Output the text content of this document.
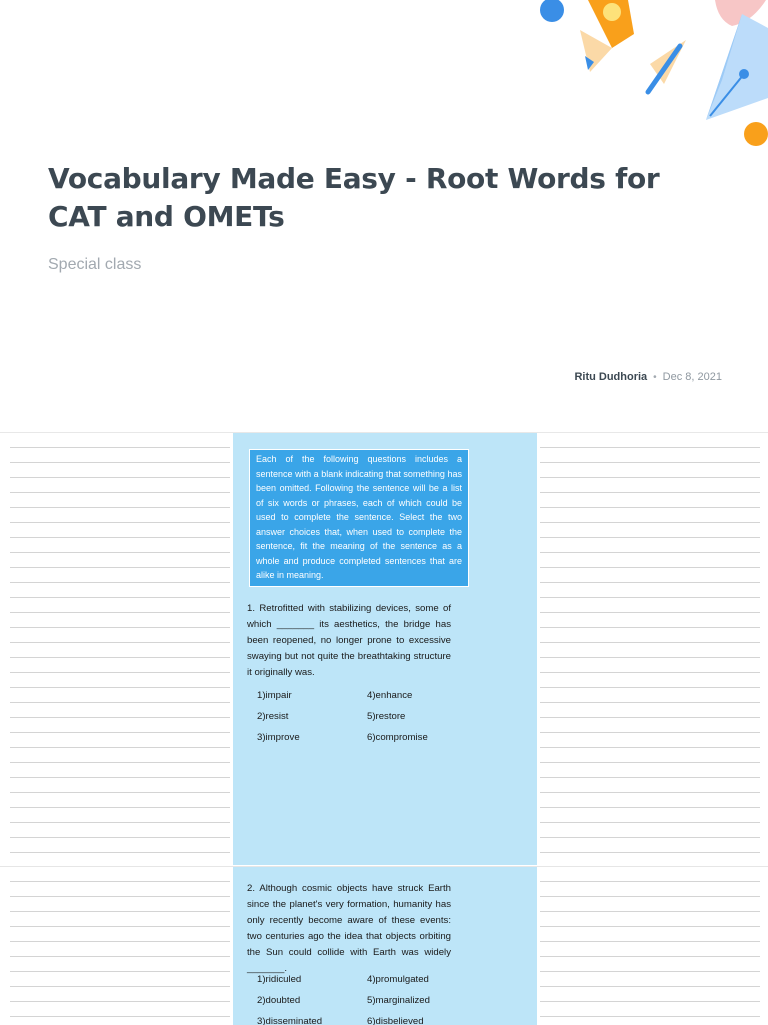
Vocabulary Made Easy - Root Words for CAT and OMETs
Special class
Ritu Dudhoria • Dec 8, 2021
Each of the following questions includes a sentence with a blank indicating that something has been omitted. Following the sentence will be a list of six words or phrases, each of which could be used to complete the sentence. Select the two answer choices that, when used to complete the sentence, fit the meaning of the sentence as a whole and produce completed sentences that are alike in meaning.

1. Retrofitted with stabilizing devices, some of which _______ its aesthetics, the bridge has been reopened, no longer prone to excessive swaying but not quite the breathtaking structure it originally was.

1)impair	4)enhance
2)resist	5)restore
3)improve	6)compromise

2. Although cosmic objects have struck Earth since the planet's very formation, humanity has only recently become aware of these events: two centuries ago the idea that objects orbiting the Sun could collide with Earth was widely _______.

1)ridiculed	4)promulgated
2)doubted	5)marginalized
3)disseminated	6)disbelieved
